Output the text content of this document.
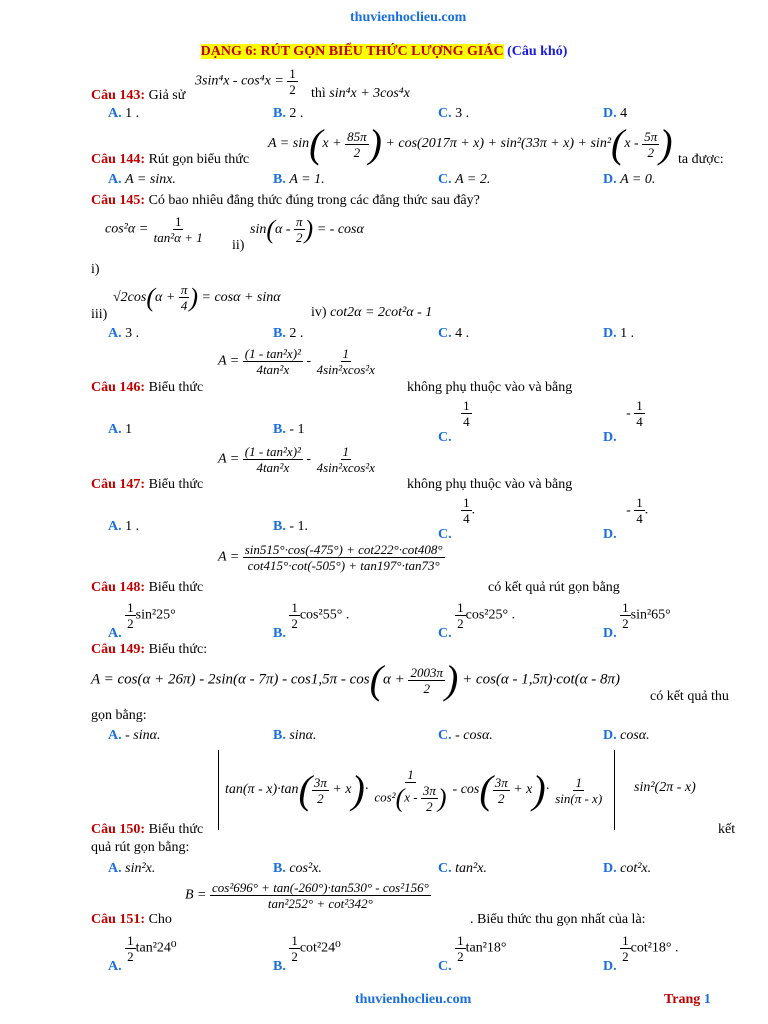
thuvienhoclieu.com
DẠNG 6: RÚT GỌN BIỂU THỨC LƯỢNG GIÁC (Câu khó)
$3\sin^4x - \cos^4x = \frac{1}{2}$
Câu 143: Giả sử	thì sin⁴x + 3cos⁴x
A. 1 .	B. 2 .	C. 3 .	D. 4
$A = \sin(x + \frac{85\pi}{2}$ ) + $\cos(2017\pi + x) + \sin^2(33\pi + x) + \sin^2(x - \frac{5\pi}{2}$ )
Câu 144: Rút gọn biểu thức	ta được:
A. A = sinx.	B. A = 1.	C. A = 2.	D. A = 0.
Câu 145: Có bao nhiêu đẳng thức đúng trong các đẳng thức sau đây?
$\cos^2\alpha = \frac{1}{\text{tan²α + 1}}$
ii)
$\sin(\alpha - \frac{\pi}{2}$ ) = - cosα
i)
$√2\cos(\alpha + \frac{\pi}{4}$ ) = cosα + sinα
iii)	iv) cot2α = 2cot²α - 1
A. 3 .	B. 2 .	C. 4 .	D. 1 .
$A = \frac{\text{(1 - tan²x)²}}{\text{4tan²x}} - \frac{1}{\text{4sin²xcos²x}}$
Câu 146: Biểu thức	không phụ thuộc vào và bằng
A. 1	B. - 1
C.
$\frac{1}{4}$
D. - $\frac{1}{4}$
$A = \frac{\text{(1 - tan²x)²}}{\text{4tan²x}} - \frac{1}{\text{4sin²xcos²x}}$
Câu 147: Biểu thức	không phụ thuộc vào và bằng
A. 1 .	B. - 1.
C.
$\frac{1}{4}$ .
D. - $\frac{1}{4}$ .
$A = \frac{\sin 515^\circ\cdot\cos(-475^\circ) + \cot 222^\circ\cdot\cot 408^\circ}{\cot 415^\circ\cdot\cot(-505^\circ) + \tan 197^\circ\cdot\tan 73^\circ}$
Câu 148: Biểu thức	có kết quả rút gọn bằng
A.
$\frac{1}{2} \sin^225^\circ$
B.
$\frac{1}{2} \cos^255^\circ$ .
C.
$\frac{1}{2} \cos^225^\circ$ .
D.
$\frac{1}{2} \sin^265^\circ$
Câu 149: Biểu thức:
$A = \cos(\alpha + 26\pi) - 2\sin(\alpha - 7\pi) - \cos 1,5\pi - \cos(\alpha + \frac{2003\pi}{2}$ ) + cos(α - 1,5π)·cot(α - 8π)
có kết quả thu
gọn bằng:
A. - sinα.	B. sinα.	C. - cosα.	D. cosα.
$\tan(\pi - x)\cdot\tan( \frac{3\pi}{2} + x)\cdot \frac{1}{\cos^2(x - \frac{3\pi}{2} )} - \cos( \frac{3\pi}{2} + x)\cdot \frac{1}{\sin(\pi - x)} \sin^2(2\pi - x)$
Câu 150: Biểu thức	kết
quả rút gọn bằng:
A. sin²x.	B. cos²x.	C. tan²x.	D. cot²x.
$B = \frac{\text{cos²696° + tan(-260°)·tan530° - cos²156°}}{\text{tan²252° + cot²342°}}$
Câu 151: Cho	. Biểu thức thu gọn nhất của là:
A.
$\frac{1}{2} \tan^224^0$
B.
$\frac{1}{2} \cot^224^0$
C.
$\frac{1}{2} \tan^218^\circ$
D.
$\frac{1}{2} \cot^218^\circ$ .
thuvienhoclieu.com	Trang 1
